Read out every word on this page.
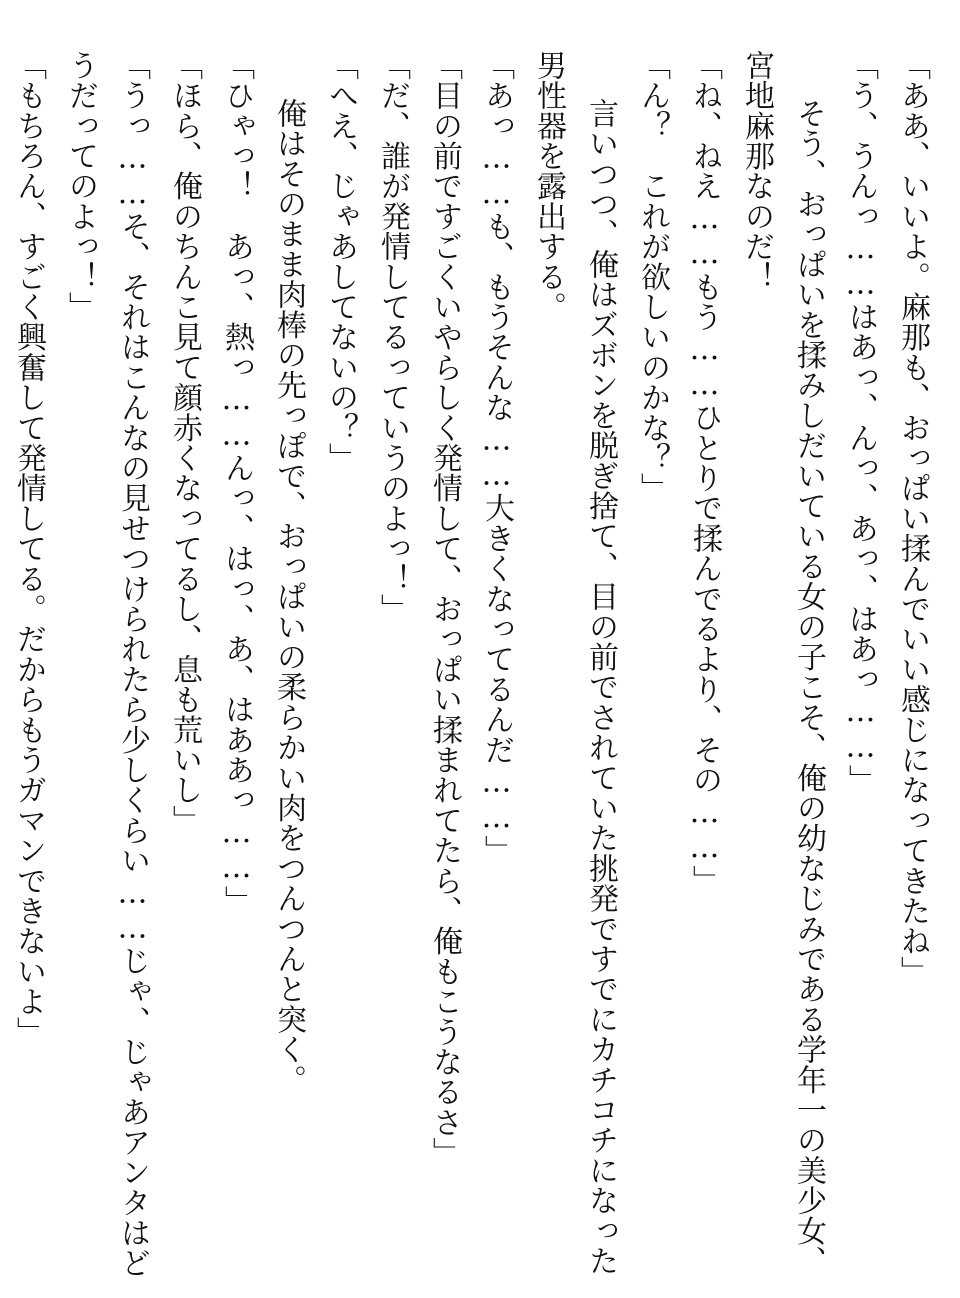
「ああ、いいよ。麻那も、おっぱい揉んでいい感じになってきたね」
「う、うんっ……はあっ、んっ、あっ、はあっ……」
そう、おっぱいを揉みしだいている女の子こそ、俺の幼なじみである学年一の美少女、
宮地麻那なのだ！
「ね、ねえ……もう……ひとりで揉んでるより、その……」
「ん？　これが欲しいのかな？」
言いつつ、俺はズボンを脱ぎ捨て、目の前でされていた挑発ですでにカチコチになった
男性器を露出する。
「あっ……も、もうそんな……大きくなってるんだ……」
「目の前ですごくいやらしく発情して、おっぱい揉まれてたら、俺もこうなるさ」
「だ、誰が発情してるっていうのよっ！」
「へえ、じゃあしてないの？」
俺はそのまま肉棒の先っぽで、おっぱいの柔らかい肉をつんつんと突く。
「ひゃっ！　あっ、熱っ……んっ、はっ、あ、はああっ……」
「ほら、俺のちんこ見て顔赤くなってるし、息も荒いし」
「うっ……そ、それはこんなの見せつけられたら少しくらい……じゃ、じゃあアンタはど
うだってのよっ！」
「もちろん、すごく興奮して発情してる。だからもうガマンできないよ」
